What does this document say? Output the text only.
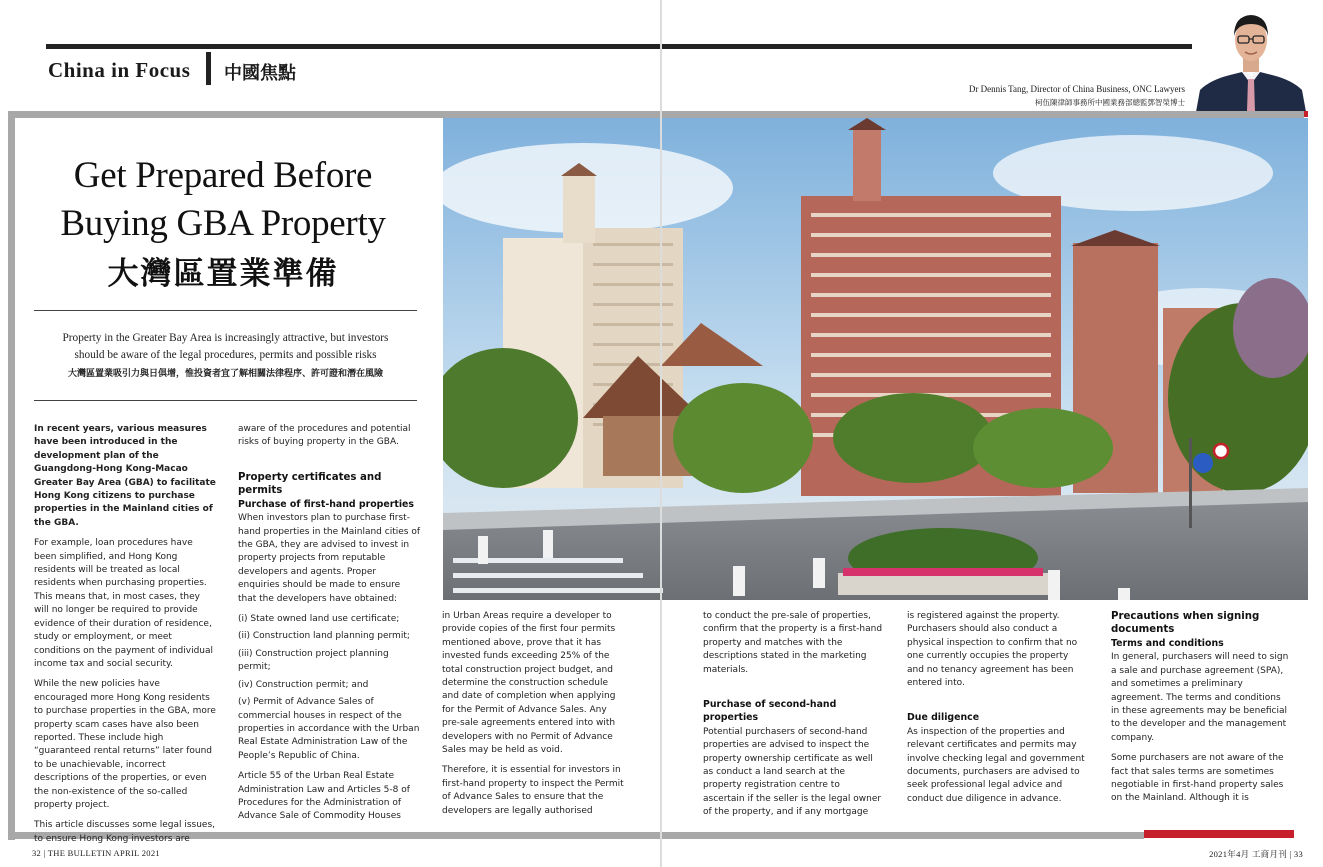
China in Focus 中國焦點
Dr Dennis Tang, Director of China Business, ONC Lawyers
柯伍陳律師事務所中國業務部總監鄧智榮博士
Get Prepared Before
Buying GBA Property
大灣區置業準備
Property in the Greater Bay Area is increasingly attractive, but investors
should be aware of the legal procedures, permits and possible risks
大灣區置業吸引力與日俱增，惟投資者宜了解相關法律程序、許可證和潛在風險

In recent years, various measures have been introduced in the development plan of the Guangdong-Hong Kong-Macao Greater Bay Area (GBA) to facilitate Hong Kong citizens to purchase properties in the Mainland cities of the GBA.

For example, loan procedures have been simplified, and Hong Kong residents will be treated as local residents when purchasing properties. This means that, in most cases, they will no longer be required to provide evidence of their duration of residence, study or employment, or meet conditions on the payment of individual income tax and social security.

While the new policies have encouraged more Hong Kong residents to purchase properties in the GBA, more property scam cases have also been reported. These include high “guaranteed rental returns” later found to be unachievable, incorrect descriptions of the properties, or even the non-existence of the so-called property project.

This article discusses some legal issues, to ensure Hong Kong investors are

aware of the procedures and potential risks of buying property in the GBA.

Property certificates and permits
Purchase of first-hand properties

When investors plan to purchase first-hand properties in the Mainland cities of the GBA, they are advised to invest in property projects from reputable developers and agents. Proper enquiries should be made to ensure that the developers have obtained:

(i) State owned land use certificate;

(ii) Construction land planning permit;

(iii) Construction project planning permit;

(iv) Construction permit; and

(v) Permit of Advance Sales of commercial houses in respect of the properties in accordance with the Urban Real Estate Administration Law of the People’s Republic of China.

Article 55 of the Urban Real Estate Administration Law and Articles 5-8 of Procedures for the Administration of Advance Sale of Commodity Houses

in Urban Areas require a developer to provide copies of the first four permits mentioned above, prove that it has invested funds exceeding 25% of the total construction project budget, and determine the construction schedule and date of completion when applying for the Permit of Advance Sales. Any pre-sale agreements entered into with developers with no Permit of Advance Sales may be held as void.

Therefore, it is essential for investors in first-hand property to inspect the Permit of Advance Sales to ensure that the developers are legally authorised

to conduct the pre-sale of properties, confirm that the property is a first-hand property and matches with the descriptions stated in the marketing materials.

Purchase of second-hand properties

Potential purchasers of second-hand properties are advised to inspect the property ownership certificate as well as conduct a land search at the property registration centre to ascertain if the seller is the legal owner of the property, and if any mortgage

is registered against the property. Purchasers should also conduct a physical inspection to confirm that no one currently occupies the property and no tenancy agreement has been entered into.

Due diligence

As inspection of the properties and relevant certificates and permits may involve checking legal and government documents, purchasers are advised to seek professional legal advice and conduct due diligence in advance.

Precautions when signing documents
Terms and conditions

In general, purchasers will need to sign a sale and purchase agreement (SPA), and sometimes a preliminary agreement. The terms and conditions in these agreements may be beneficial to the developer and the management company.

Some purchasers are not aware of the fact that sales terms are sometimes negotiable in first-hand property sales on the Mainland. Although it is

32 | THE BULLETIN APRIL 2021	2021年4月 工商月刊 | 33
